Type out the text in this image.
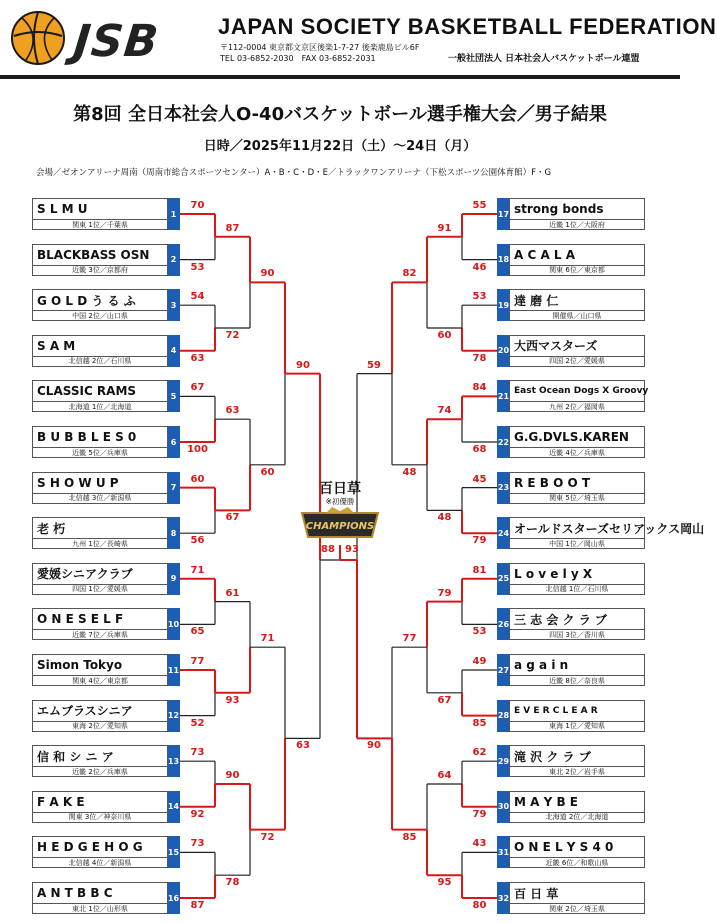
JSB	JAPAN SOCIETY BASKETBALL FEDERATION
〒112-0004 東京都文京区後楽1-7-27 後楽鹿島ビル6F
TEL 03-6852-2030　FAX 03-6852-2031	一般社団法人 日本社会人バスケットボール連盟
第8回 全日本社会人O-40バスケットボール選手権大会／男子結果
日時／2025年11月22日（土）～24日（月）
会場／ゼオンアリーナ周南（周南市総合スポーツセンター）A・B・C・D・E／トラックワンアリーナ（下松スポーツ公園体育館）F・G
1
S L M U
関東 1位／千葉県
2
BLACKBASS OSN
近畿 3位／京都府
3
G O L D う る ふ
中国 2位／山口県
4
S A M
北信越 2位／石川県
5
CLASSIC RAMS
北海道 1位／北海道
6
B U B B L E S 0
近畿 5位／兵庫県
7
S H O W U P
北信越 3位／新潟県
8
老 朽
九州 1位／長崎県
9
愛媛シニアクラブ
四国 1位／愛媛県
10
O N E S E L F
近畿 7位／兵庫県
11
Simon Tokyo
関東 4位／東京都
12
エムブラスシニア
東海 2位／愛知県
13
信 和 シ ニ ア
近畿 2位／兵庫県
14
F A K E
関東 3位／神奈川県
15
H E D G E H O G
北信越 4位／新潟県
16
A N T B B C
東北 1位／山形県
17 strong bonds
近畿 1位／大阪府
18 A C A L A
関東 6位／東京都
19 達 磨 仁
開催県／山口県
20 大西マスターズ
四国 2位／愛媛県
21 East Ocean Dogs X Groovy
九州 2位／福岡県
22 G.G.DVLS.KAREN
近畿 4位／兵庫県
23 R E B O O T
関東 5位／埼玉県
24 オールドスターズセリアックス岡山
中国 1位／岡山県
25 L o v e l y X
北信越 1位／石川県
26 三 志 会 ク ラ ブ
四国 3位／香川県
27 a g a i n
近畿 8位／奈良県
28 E V E R C L E A R
東海 1位／愛知県
29 滝 沢 ク ラ ブ
東北 2位／岩手県
30 M A Y B E
北海道 2位／北海道
31 O N E L Y S 4 0
近畿 6位／和歌山県
32 百 日 草
関東 2位／埼玉県
70
53
55
46
54
63
53
78
67
100
84
68
60
56
45
79
71
65
81
53
77
52
49
85
73
92
62
79
73
87
43
80
87
72
91
60
63
67
74
48
61
93
79
67
90
78
64
95
90
60
82
48
71
72
77
85
90
63
59
90
88	93
百日草
※初優勝
CHAMPIONS
